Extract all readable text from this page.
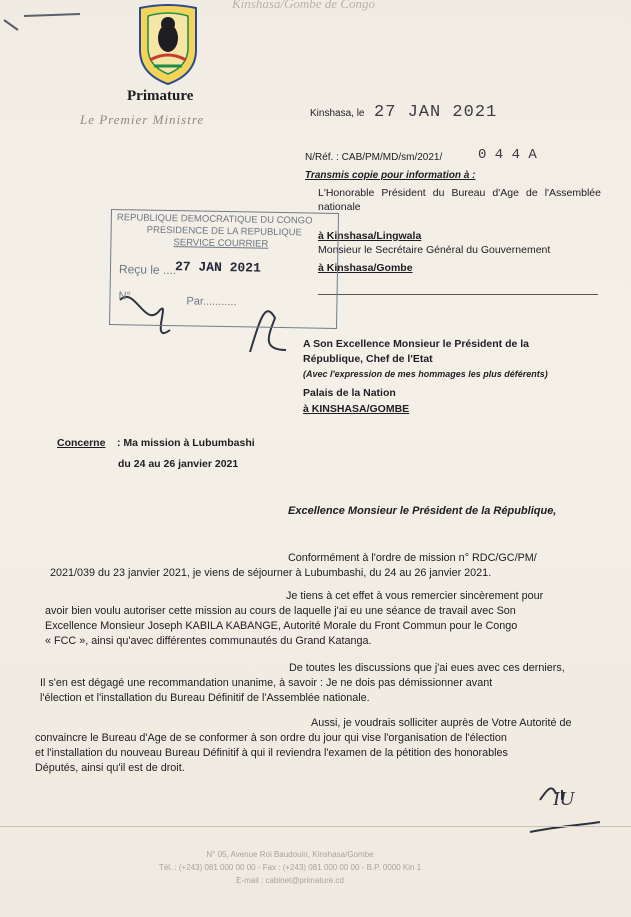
Kinshasa/Gombe de Congo
Primature
Le Premier Ministre	Kinshasa, le 27 JAN 2021
N/Réf. : CAB/PM/MD/sm/2021/	0 4 4 A
Transmis copie pour information à :
L'Honorable Président du Bureau d'Age de l'Assemblée nationale
à Kinshasa/Lingwala
Monsieur le Secrétaire Général du Gouvernement
à Kinshasa/Gombe
REPUBLIQUE DEMOCRATIQUE DU CONGO
PRESIDENCE DE LA REPUBLIQUE
SERVICE COURRIER
Reçu le ....
27 JAN 2021
N°	Par...........
A Son Excellence Monsieur le Président de la
République, Chef de l'Etat
(Avec l'expression de mes hommages les plus déférents)
Palais de la Nation
à KINSHASA/GOMBE
Concerne : Ma mission à Lubumbashi
du 24 au 26 janvier 2021
Excellence Monsieur le Président de la République,
Conformément à l'ordre de mission n° RDC/GC/PM/
2021/039 du 23 janvier 2021, je viens de séjourner à Lubumbashi, du 24 au 26 janvier 2021.
Je tiens à cet effet à vous remercier sincèrement pour
avoir bien voulu autoriser cette mission au cours de laquelle j'ai eu une séance de travail avec Son
Excellence Monsieur Joseph KABILA KABANGE, Autorité Morale du Front Commun pour le Congo
« FCC », ainsi qu'avec différentes communautés du Grand Katanga.
De toutes les discussions que j'ai eues avec ces derniers,
Il s'en est dégagé une recommandation unanime, à savoir : Je ne dois pas démissionner avant
l'élection et l'installation du Bureau Définitif de l'Assemblée nationale.
Aussi, je voudrais solliciter auprès de Votre Autorité de
convaincre le Bureau d'Age de se conformer à son ordre du jour qui vise l'organisation de l'élection
et l'installation du nouveau Bureau Définitif à qui il reviendra l'examen de la pétition des honorables
Députés, ainsi qu'il est de droit.
IU
N° 05, Avenue Roi Baudouin, Kinshasa/Gombe
Tél. : (+243) 081 000 00 00 - Fax : (+243) 081 000 00 00 - B.P. 0000 Kin 1
E-mail : cabinet@primature.cd
